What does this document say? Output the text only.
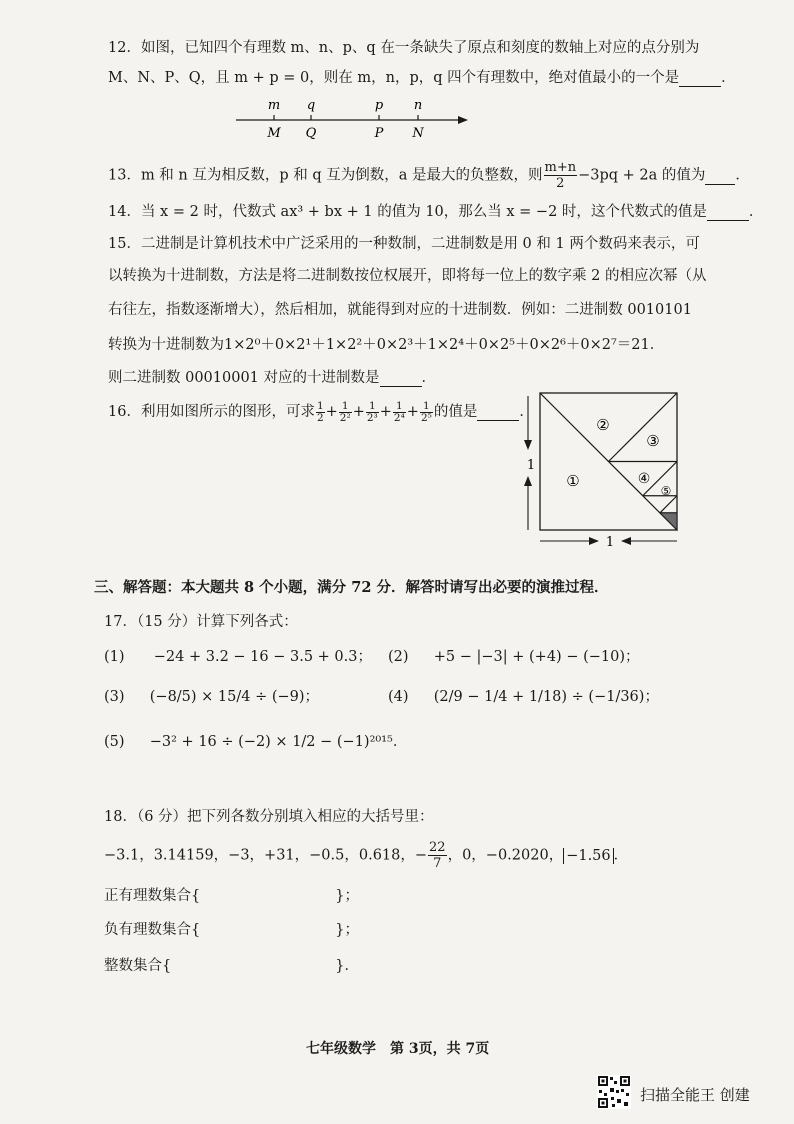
12．如图，已知四个有理数 m、n、p、q 在一条缺失了原点和刻度的数轴上对应的点分别为
M、N、P、Q，且 m + p = 0，则在 m，n，p，q 四个有理数中，绝对值最小的一个是	．
m q	p n
M Q	P N
13．m 和 n 互为相反数，p 和 q 互为倒数，a 是最大的负整数，则 $\frac{m+n}{2} -3pq + 2a$ 的值为 ．
14．当 x = 2 时，代数式 ax³ + bx + 1 的值为 10，那么当 x = −2 时，这个代数式的值是	．
15．二进制是计算机技术中广泛采用的一种数制，二进制数是用 0 和 1 两个数码来表示，可
以转换为十进制数，方法是将二进制数按位权展开，即将每一位上的数字乘 2 的相应次幂（从
右往左，指数逐渐增大），然后相加，就能得到对应的十进制数．例如：二进制数 0010101
转换为十进制数为1×2⁰＋0×2¹＋1×2²＋0×2³＋1×2⁴＋0×2⁵＋0×2⁶＋0×2⁷＝21．
则二进制数 00010001 对应的十进制数是	．
16．利用如图所示的图形，可求 $\frac{1}{2} + \frac{1}{\text{2²}} + \frac{1}{\text{2³}} + \frac{1}{\text{2⁴}} + \frac{1}{\text{2⁵}}$ 的值是	．
①
②
③
④
⑤
1
1
三、解答题：本大题共 8 个小题，满分 72 分．解答时请写出必要的演推过程．
17．（15 分）计算下列各式：
(1) −24 + 3.2 − 16 − 3.5 + 0.3； (2) +5 − |−3| + (+4) − (−10)；
(3) (−8/5) × 15/4 ÷ (−9)；	(4) (2/9 − 1/4 + 1/18) ÷ (−1/36)；
(5) −3² + 16 ÷ (−2) × 1/2 − (−1)²⁰¹⁵．
18．（6 分）把下列各数分别填入相应的大括号里：
−3.1，3.14159，−3，+31，−0.5，0.618，− $\frac{22}{7}$ ，0，−0.2020， −1.56 ．
正有理数集合{	}；
负有理数集合{	}；
整数集合{	}．
七年级数学　第 3页，共 7页
扫描全能王 创建
